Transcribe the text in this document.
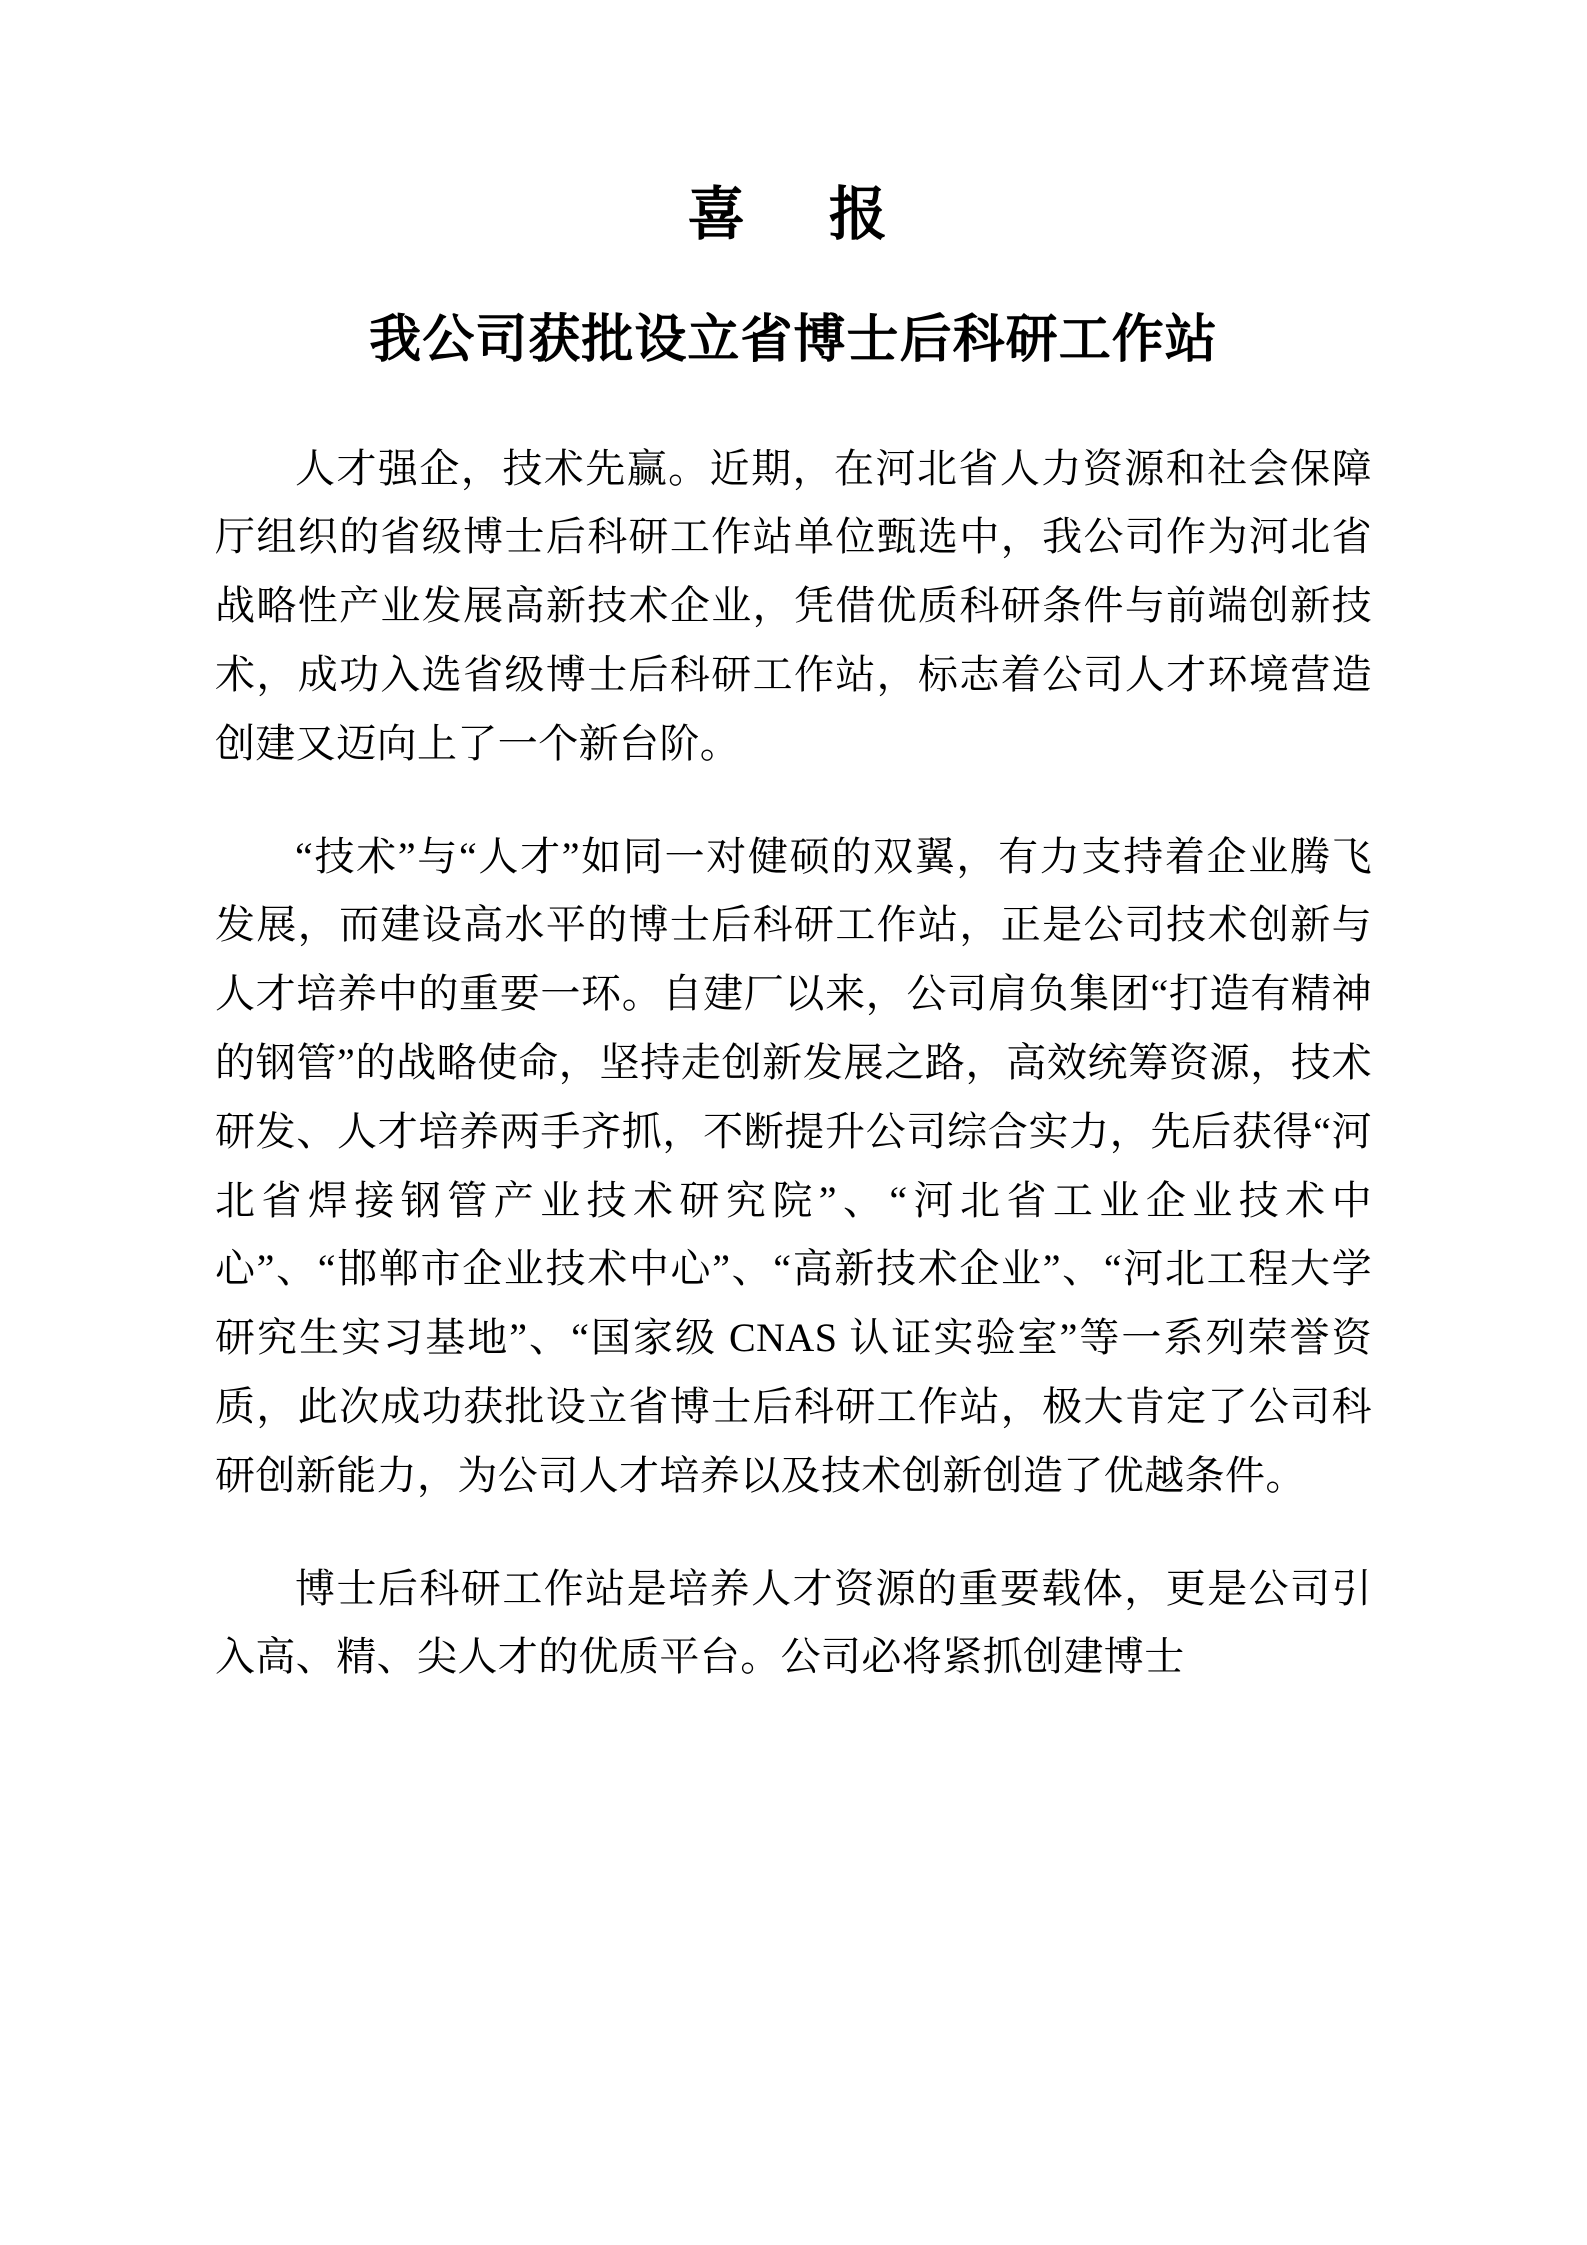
喜　报
我公司获批设立省博士后科研工作站

人才强企，技术先赢。近期，在河北省人力资源和社会保障厅组织的省级博士后科研工作站单位甄选中，我公司作为河北省战略性产业发展高新技术企业，凭借优质科研条件与前端创新技术，成功入选省级博士后科研工作站，标志着公司人才环境营造创建又迈向上了一个新台阶。

“技术”与“人才”如同一对健硕的双翼，有力支持着企业腾飞发展，而建设高水平的博士后科研工作站，正是公司技术创新与人才培养中的重要一环。自建厂以来，公司肩负集团“打造有精神的钢管”的战略使命，坚持走创新发展之路，高效统筹资源，技术研发、人才培养两手齐抓，不断提升公司综合实力，先后获得“河北省焊接钢管产业技术研究院”、“河北省工业企业技术中心”、“邯郸市企业技术中心”、“高新技术企业”、“河北工程大学研究生实习基地”、“国家级 CNAS 认证实验室”等一系列荣誉资质，此次成功获批设立省博士后科研工作站，极大肯定了公司科研创新能力，为公司人才培养以及技术创新创造了优越条件。

博士后科研工作站是培养人才资源的重要载体，更是公司引入高、精、尖人才的优质平台。公司必将紧抓创建博士
